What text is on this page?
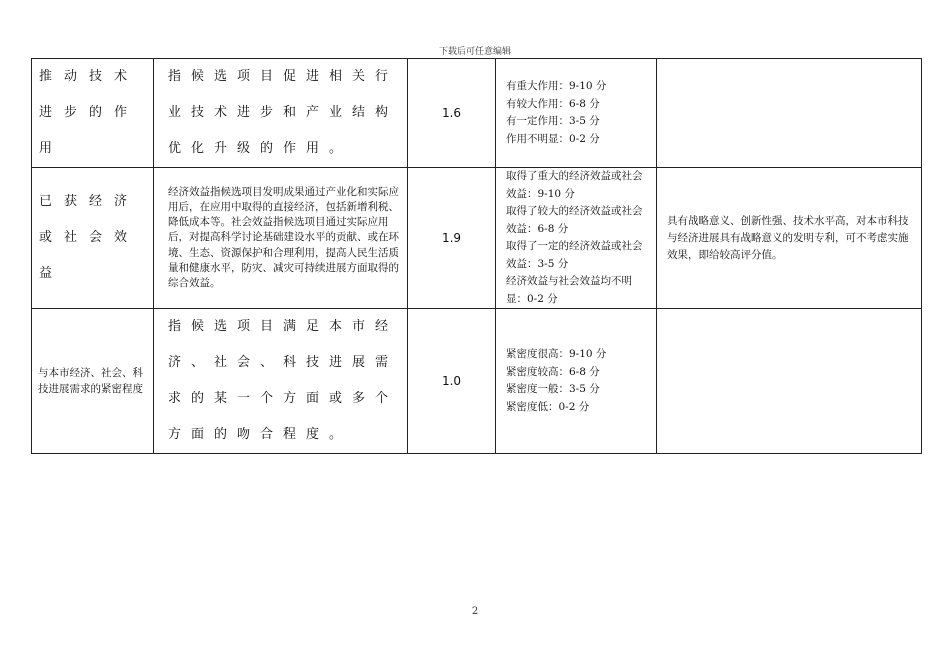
下载后可任意编辑
推动技术进步的作用	指候选项目促进相关行业技术进步和产业结构优化升级的作用。	1.6	有重大作用：9-10 分
有较大作用：6-8 分
有一定作用：3-5 分
作用不明显：0-2 分	

已获经济或社会效益	经济效益指候选项目发明成果通过产业化和实际应用后，在应用中取得的直接经济，包括新增利税、降低成本等。社会效益指候选项目通过实际应用后，对提高科学讨论基础建设水平的贡献、或在环境、生态、资源保护和合理利用，提高人民生活质量和健康水平，防灾、减灾可持续进展方面取得的综合效益。	1.9	取得了重大的经济效益或社会效益：9-10 分
取得了较大的经济效益或社会效益：6-8 分
取得了一定的经济效益或社会效益：3-5 分
经济效益与社会效益均不明显：0-2 分	具有战略意义、创新性强、技术水平高，对本市科技与经济进展具有战略意义的发明专利，可不考虑实施效果，即给较高评分值。
与本市经济、社会、科技进展需求的紧密程度	指候选项目满足本市经济、社会、科技进展需求的某一个方面或多个方面的吻合程度。	1.0	紧密度很高：9-10 分
紧密度较高：6-8 分
紧密度一般：3-5 分
紧密度低：0-2 分	

2
